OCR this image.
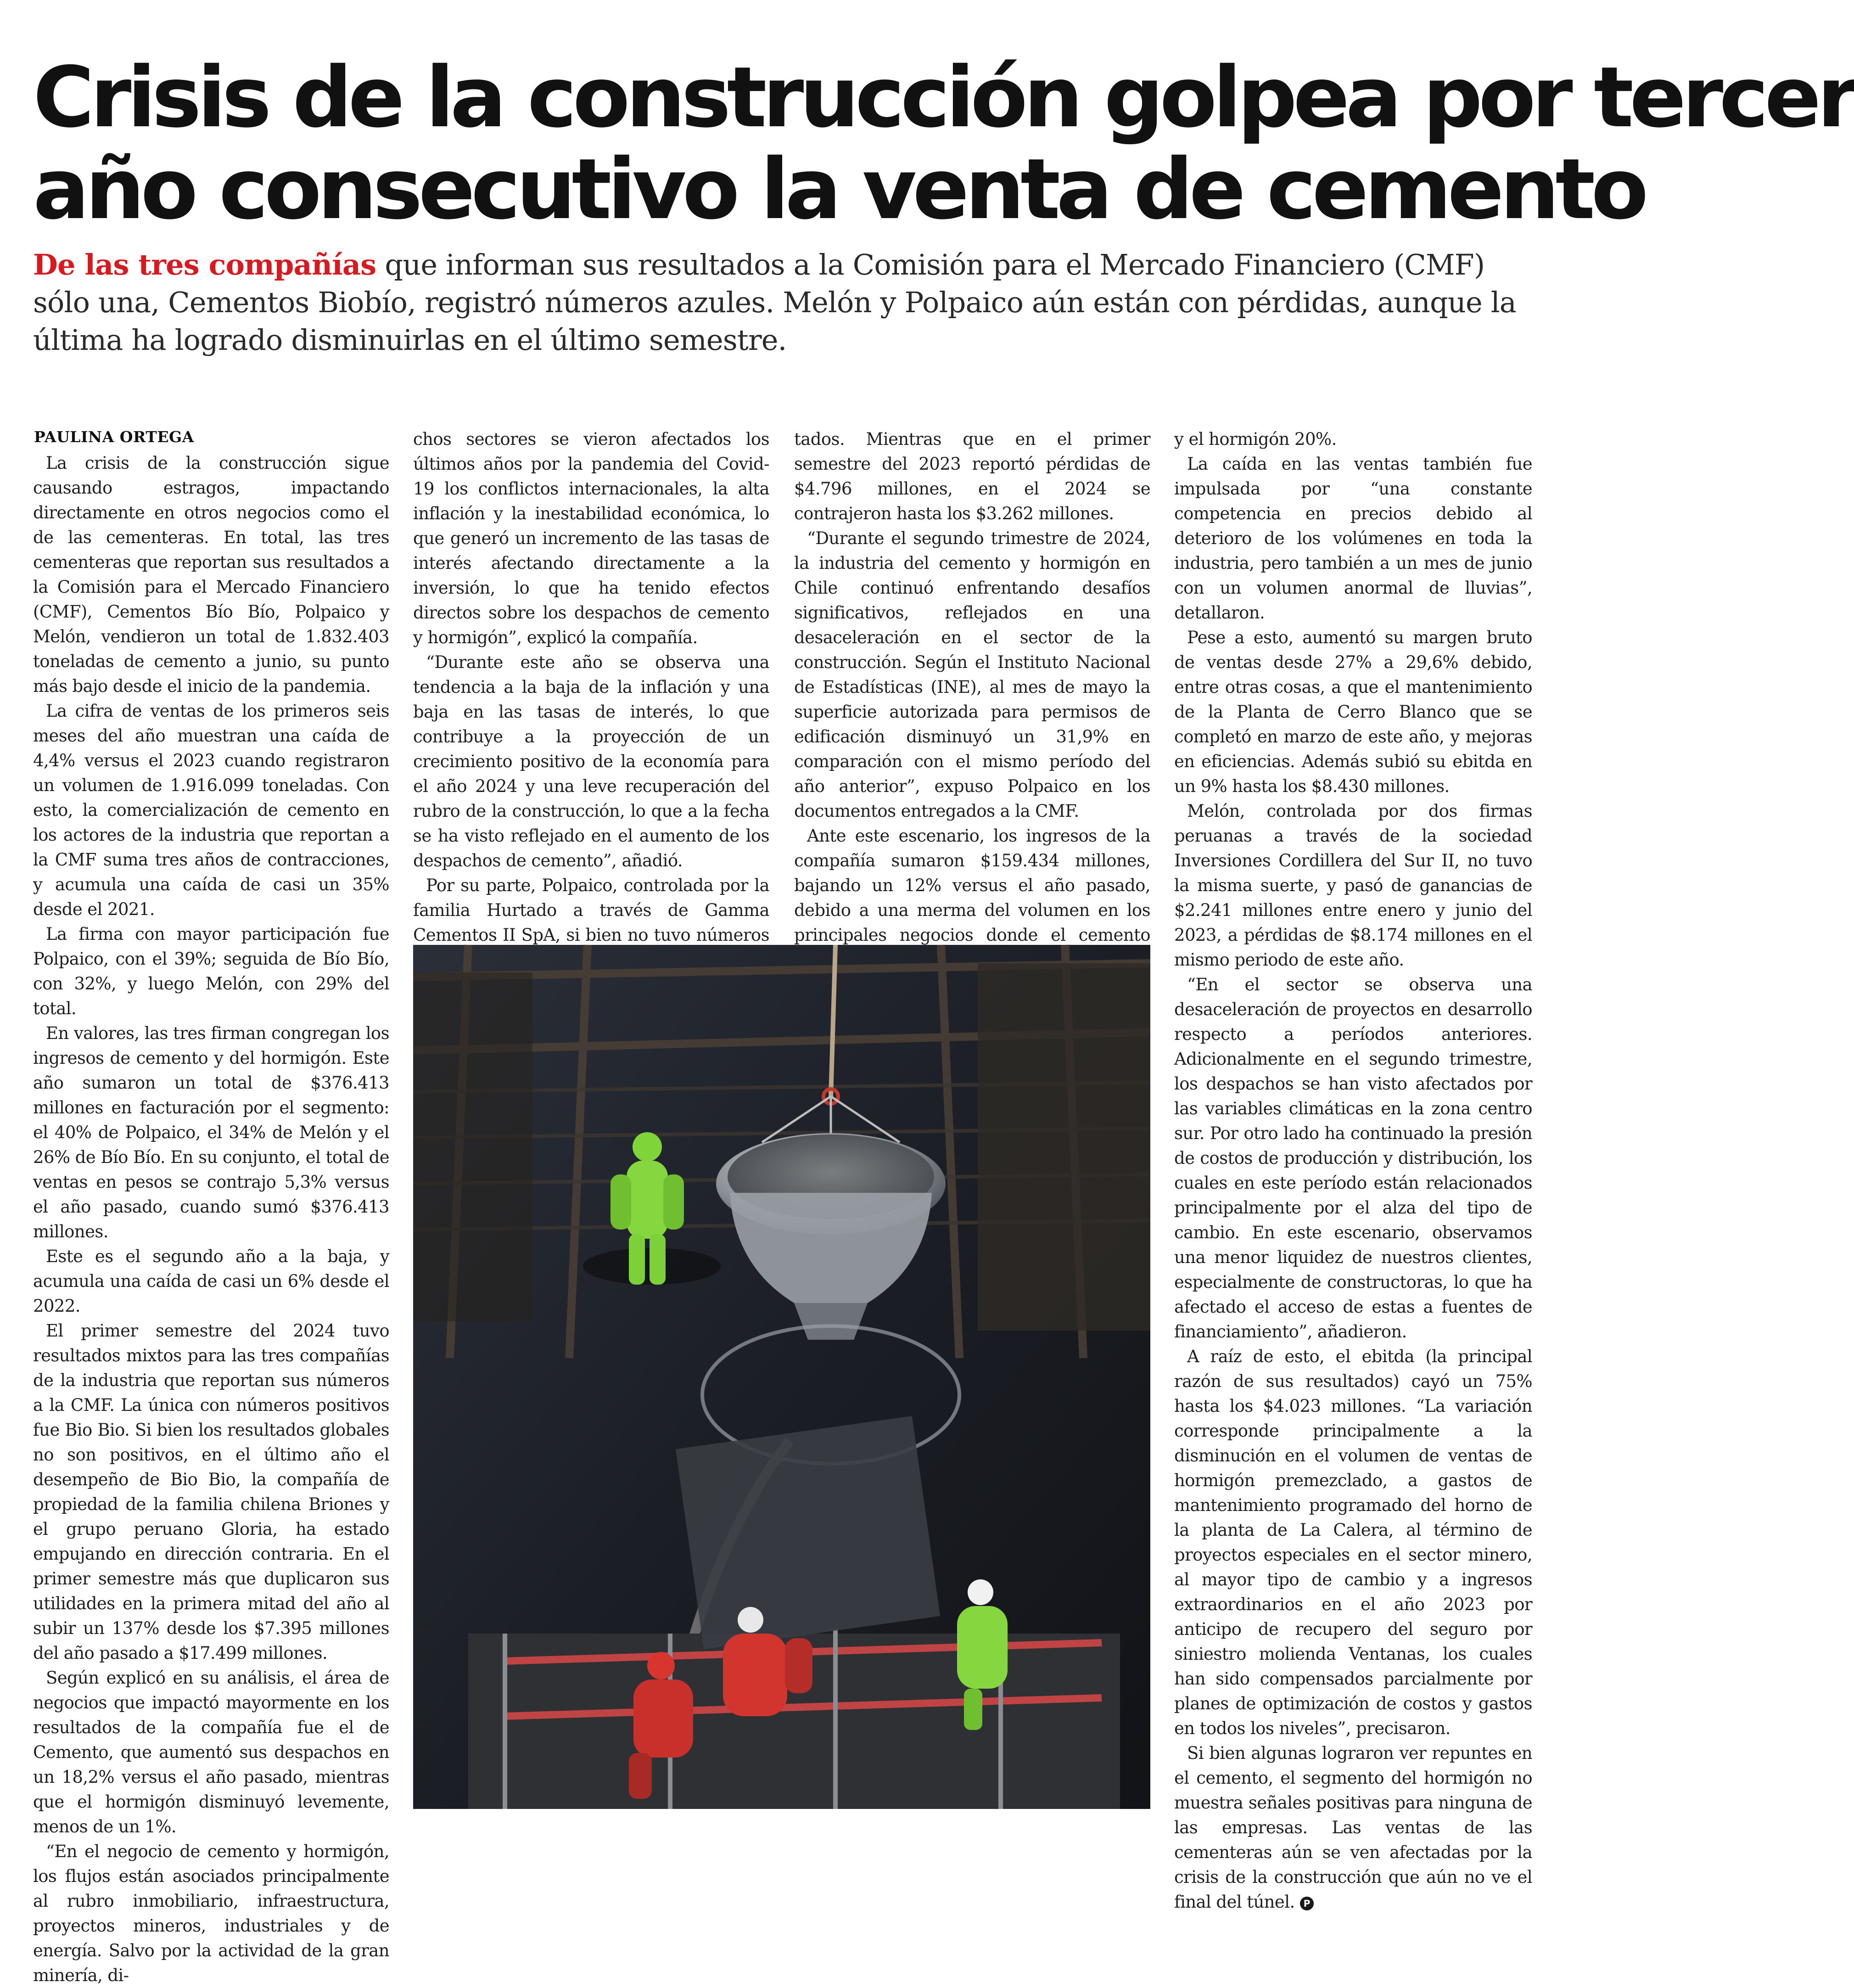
Crisis de la construcción golpea por tercer
año consecutivo la venta de cemento

De las tres compañías que informan sus resultados a la Comisión para el Mercado Financiero (CMF) sólo una, Cementos Biobío, registró números azules. Melón y Polpaico aún están con pérdidas, aunque la última ha logrado disminuirlas en el último semestre.

PAULINA ORTEGA

La crisis de la construcción sigue causando estragos, impactando directamente en otros negocios como el de las cementeras. En total, las tres cementeras que reportan sus resultados a la Comisión para el Mercado Financiero (CMF), Cementos Bío Bío, Polpaico y Melón, vendieron un total de 1.832.403 toneladas de cemento a junio, su punto más bajo desde el inicio de la pandemia.

La cifra de ventas de los primeros seis meses del año muestran una caída de 4,4% versus el 2023 cuando registraron un volumen de 1.916.099 toneladas. Con esto, la comercialización de cemento en los actores de la industria que reportan a la CMF suma tres años de contracciones, y acumula una caída de casi un 35% desde el 2021.

La firma con mayor participación fue Polpaico, con el 39%; seguida de Bío Bío, con 32%, y luego Melón, con 29% del total.

En valores, las tres firman congregan los ingresos de cemento y del hormigón. Este año sumaron un total de $376.413 millones en facturación por el segmento: el 40% de Polpaico, el 34% de Melón y el 26% de Bío Bío. En su conjunto, el total de ventas en pesos se contrajo 5,3% versus el año pasado, cuando sumó $376.413 millones.

Este es el segundo año a la baja, y acumula una caída de casi un 6% desde el 2022.

El primer semestre del 2024 tuvo resultados mixtos para las tres compañías de la industria que reportan sus números a la CMF. La única con números positivos fue Bio Bio. Si bien los resultados globales no son positivos, en el último año el desempeño de Bio Bio, la compañía de propiedad de la familia chilena Briones y el grupo peruano Gloria, ha estado empujando en dirección contraria. En el primer semestre más que duplicaron sus utilidades en la primera mitad del año al subir un 137% desde los $7.395 millones del año pasado a $17.499 millones.

Según explicó en su análisis, el área de negocios que impactó mayormente en los resultados de la compañía fue el de Cemento, que aumentó sus despachos en un 18,2% versus el año pasado, mientras que el hormigón disminuyó levemente, menos de un 1%.

“En el negocio de cemento y hormigón, los flujos están asociados principalmente al rubro inmobiliario, infraestructura, proyectos mineros, industriales y de energía. Salvo por la actividad de la gran minería, di-

chos sectores se vieron afectados los últimos años por la pandemia del Covid-19 los conflictos internacionales, la alta inflación y la inestabilidad económica, lo que generó un incremento de las tasas de interés afectando directamente a la inversión, lo que ha tenido efectos directos sobre los despachos de cemento y hormigón”, explicó la compañía.

“Durante este año se observa una tendencia a la baja de la inflación y una baja en las tasas de interés, lo que contribuye a la proyección de un crecimiento positivo de la economía para el año 2024 y una leve recuperación del rubro de la construcción, lo que a la fecha se ha visto reflejado en el aumento de los despachos de cemento”, añadió.

Por su parte, Polpaico, controlada por la familia Hurtado a través de Gamma Cementos II SpA, si bien no tuvo números

tados. Mientras que en el primer semestre del 2023 reportó pérdidas de $4.796 millones, en el 2024 se contrajeron hasta los $3.262 millones.

“Durante el segundo trimestre de 2024, la industria del cemento y hormigón en Chile continuó enfrentando desafíos significativos, reflejados en una desaceleración en el sector de la construcción. Según el Instituto Nacional de Estadísticas (INE), al mes de mayo la superficie autorizada para permisos de edificación disminuyó un 31,9% en comparación con el mismo período del año anterior”, expuso Polpaico en los documentos entregados a la CMF.

Ante este escenario, los ingresos de la compañía sumaron $159.434 millones, bajando un 12% versus el año pasado, debido a una merma del volumen en los principales negocios donde el cemento

y el hormigón 20%.

La caída en las ventas también fue impulsada por “una constante competencia en precios debido al deterioro de los volúmenes en toda la industria, pero también a un mes de junio con un volumen anormal de lluvias”, detallaron.

Pese a esto, aumentó su margen bruto de ventas desde 27% a 29,6% debido, entre otras cosas, a que el mantenimiento de la Planta de Cerro Blanco que se completó en marzo de este año, y mejoras en eficiencias. Además subió su ebitda en un 9% hasta los $8.430 millones.

Melón, controlada por dos firmas peruanas a través de la sociedad Inversiones Cordillera del Sur II, no tuvo la misma suerte, y pasó de ganancias de $2.241 millones entre enero y junio del 2023, a pérdidas de $8.174 millones en el mismo periodo de este año.

“En el sector se observa una desaceleración de proyectos en desarrollo respecto a períodos anteriores. Adicionalmente en el segundo trimestre, los despachos se han visto afectados por las variables climáticas en la zona centro sur. Por otro lado ha continuado la presión de costos de producción y distribución, los cuales en este período están relacionados principalmente por el alza del tipo de cambio. En este escenario, observamos una menor liquidez de nuestros clientes, especialmente de constructoras, lo que ha afectado el acceso de estas a fuentes de financiamiento”, añadieron.

A raíz de esto, el ebitda (la principal razón de sus resultados) cayó un 75% hasta los $4.023 millones. “La variación corresponde principalmente a la disminución en el volumen de ventas de hormigón premezclado, a gastos de mantenimiento programado del horno de la planta de La Calera, al término de proyectos especiales en el sector minero, al mayor tipo de cambio y a ingresos extraordinarios en el año 2023 por anticipo de recupero del seguro por siniestro molienda Ventanas, los cuales han sido compensados parcialmente por planes de optimización de costos y gastos en todos los niveles”, precisaron.

Si bien algunas lograron ver repuntes en el cemento, el segmento del hormigón no muestra señales positivas para ninguna de las empresas. Las ventas de las cementeras aún se ven afectadas por la crisis de la construcción que aún no ve el final del túnel. P
